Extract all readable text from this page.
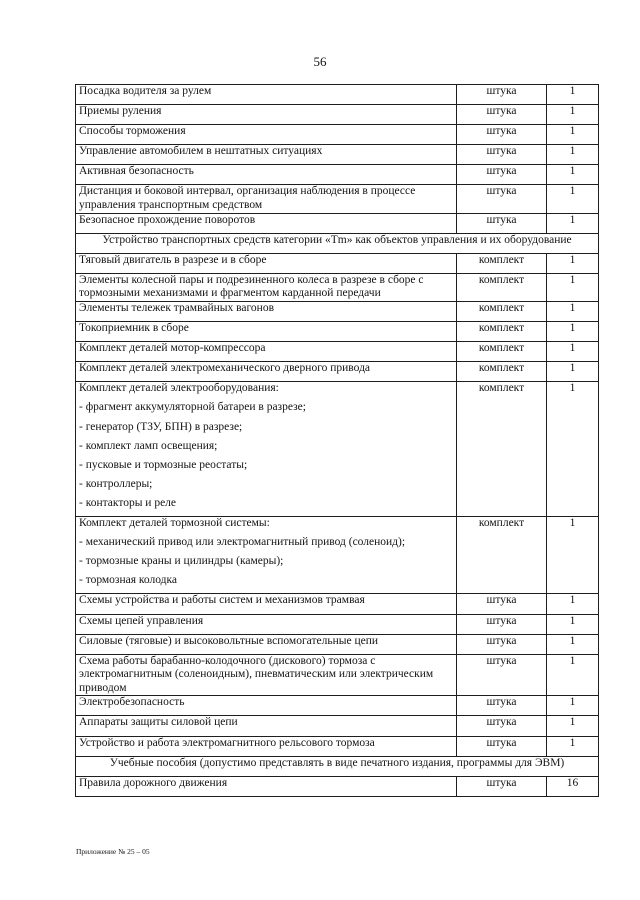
56
Посадка водителя за рулем	штука	1
Приемы руления	штука	1
Способы торможения	штука	1
Управление автомобилем в нештатных ситуациях	штука	1
Активная безопасность	штука	1
Дистанция и боковой интервал, организация наблюдения в процессе управления транспортным средством	штука	1
Безопасное прохождение поворотов	штука	1
Устройство транспортных средств категории «Tm» как объектов управления и их оборудование		
Тяговый двигатель в разрезе и в сборе	комплект	1
Элементы колесной пары и подрезиненного колеса в разрезе в сборе с тормозными механизмами и фрагментом карданной передачи	комплект	1
Элементы тележек трамвайных вагонов	комплект	1
Токоприемник в сборе	комплект	1
Комплект деталей мотор-компрессора	комплект	1
Комплект деталей электромеханического дверного привода	комплект	1
Комплект деталей электрооборудования:	комплект	1
- фрагмент аккумуляторной батареи в разрезе;		
- генератор (ТЗУ, БПН) в разрезе;		
- комплект ламп освещения;		
- пусковые и тормозные реостаты;		
- контроллеры;		
- контакторы и реле		
Комплект деталей тормозной системы:	комплект	1
- механический привод или электромагнитный привод (соленоид);		
- тормозные краны и цилиндры (камеры);		
- тормозная колодка		
Схемы устройства и работы систем и механизмов трамвая	штука	1
Схемы цепей управления	штука	1
Силовые (тяговые) и высоковольтные вспомогательные цепи	штука	1
Схема работы барабанно-колодочного (дискового) тормоза с электромагнитным (соленоидным), пневматическим или электрическим приводом	штука	1
Электробезопасность	штука	1
Аппараты защиты силовой цепи	штука	1
Устройство и работа электромагнитного рельсового тормоза	штука	1
Учебные пособия (допустимо представлять в виде печатного издания, программы для ЭВМ)		
Правила дорожного движения	штука	16
Приложение № 25 – 05
